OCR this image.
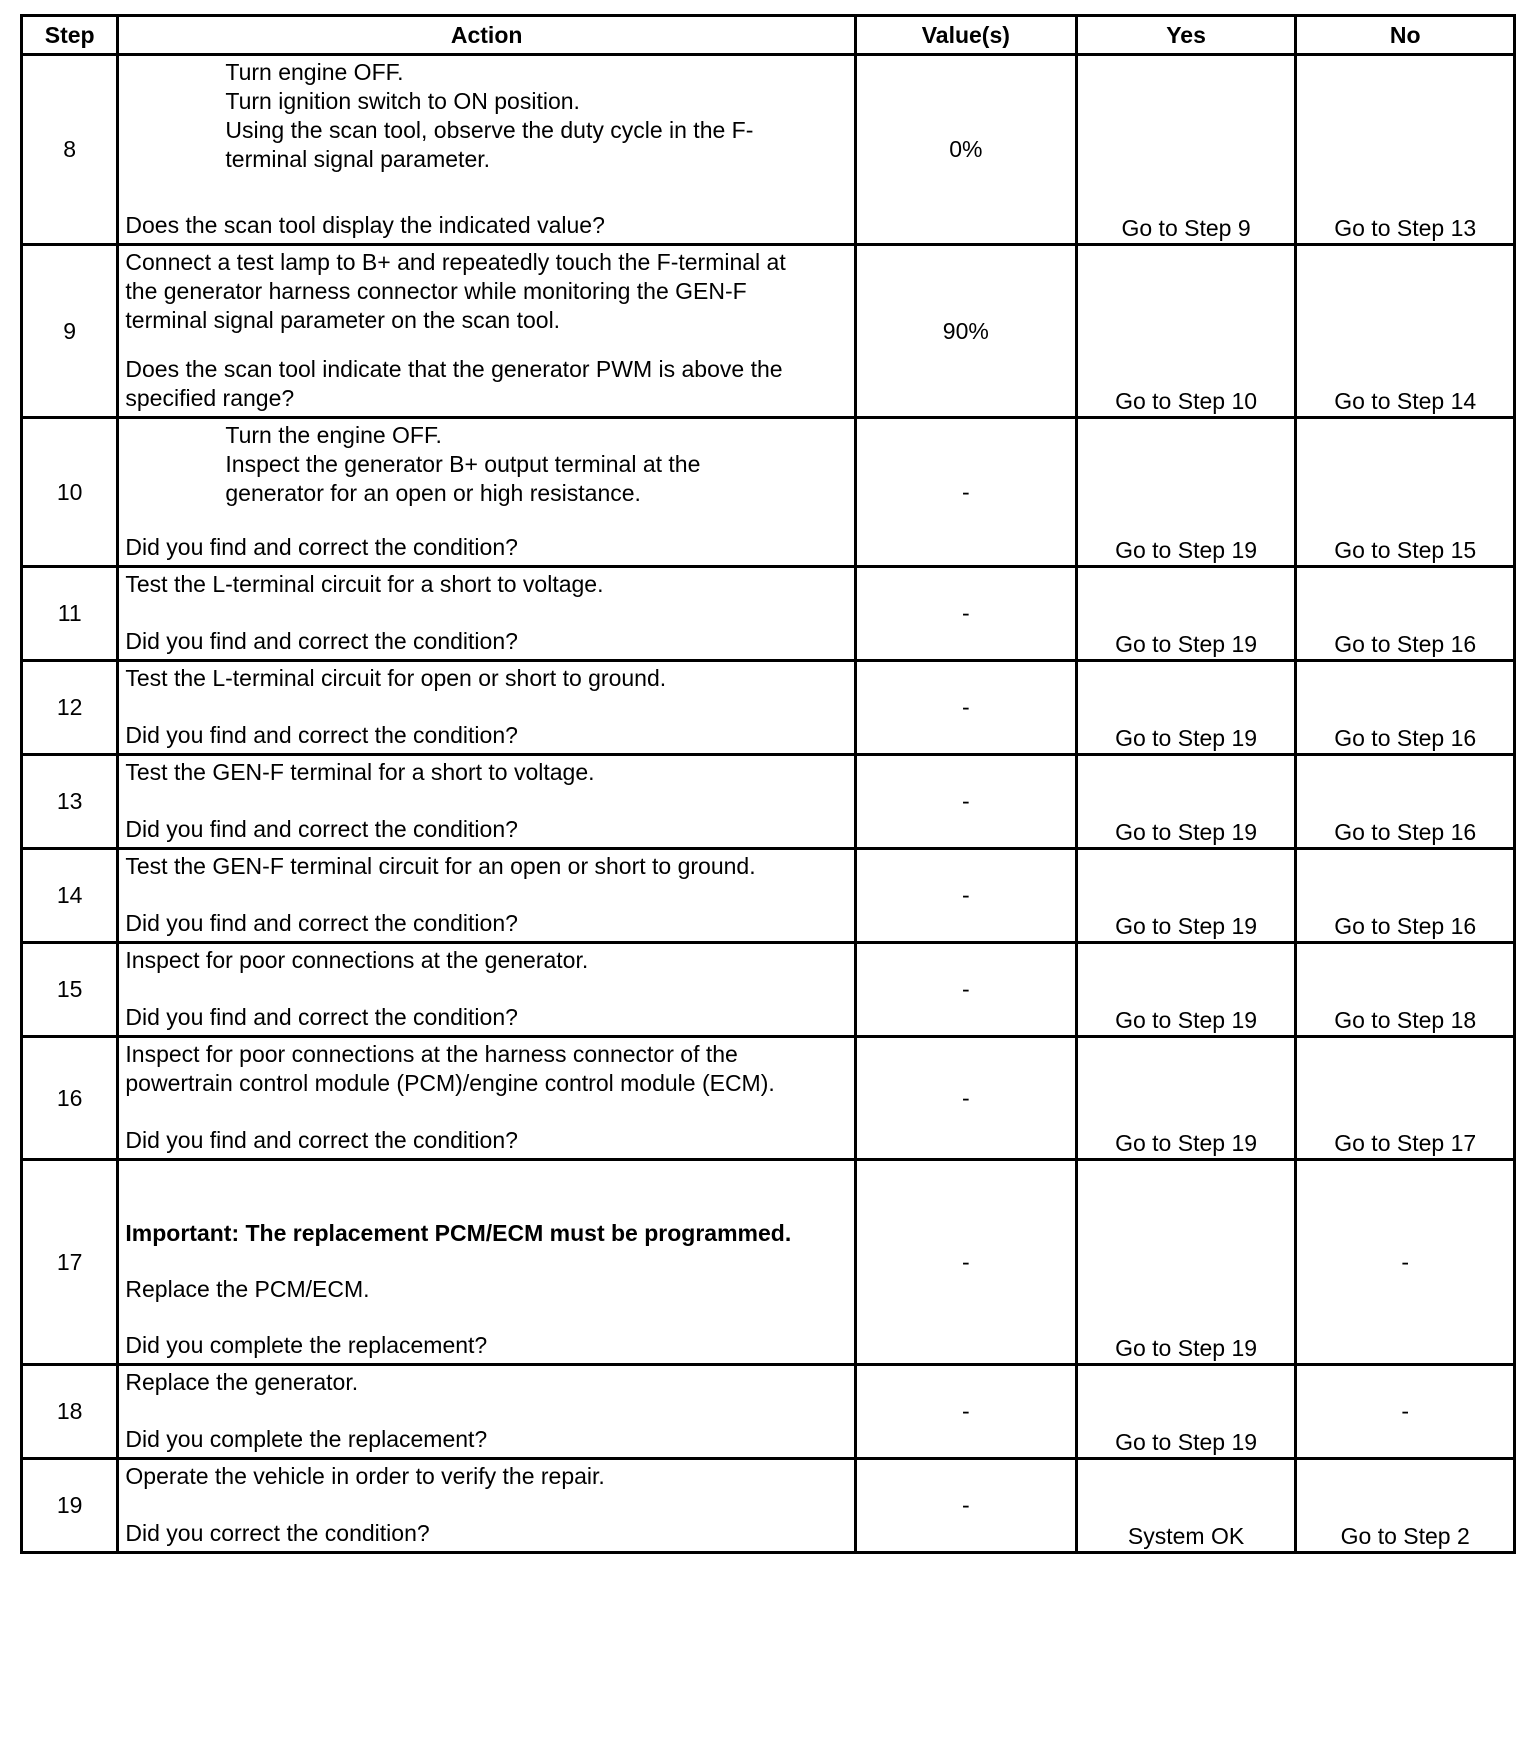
Step	Action	Value(s)	Yes	No
8	Turn engine OFF.
Turn ignition switch to ON position.
Using the scan tool, observe the duty cycle in the F-
terminal signal parameter.
Does the scan tool display the indicated value?	0%	Go to Step 9	Go to Step 13
9	Connect a test lamp to B+ and repeatedly touch the F-terminal at
the generator harness connector while monitoring the GEN-F
terminal signal parameter on the scan tool.
Does the scan tool indicate that the generator PWM is above the
specified range?	90%	Go to Step 10	Go to Step 14
10	Turn the engine OFF.
Inspect the generator B+ output terminal at the
generator for an open or high resistance.
Did you find and correct the condition?	-	Go to Step 19	Go to Step 15
11	Test the L-terminal circuit for a short to voltage.
Did you find and correct the condition?	-	Go to Step 19	Go to Step 16
12	Test the L-terminal circuit for open or short to ground.
Did you find and correct the condition?	-	Go to Step 19	Go to Step 16
13	Test the GEN-F terminal for a short to voltage.
Did you find and correct the condition?	-	Go to Step 19	Go to Step 16
14	Test the GEN-F terminal circuit for an open or short to ground.
Did you find and correct the condition?	-	Go to Step 19	Go to Step 16
15	Inspect for poor connections at the generator.
Did you find and correct the condition?	-	Go to Step 19	Go to Step 18
16	Inspect for poor connections at the harness connector of the
powertrain control module (PCM)/engine control module (ECM).
Did you find and correct the condition?	-	Go to Step 19	Go to Step 17
17	Important: The replacement PCM/ECM must be programmed.
Replace the PCM/ECM.
Did you complete the replacement?	-	Go to Step 19	-
18	Replace the generator.
Did you complete the replacement?	-	Go to Step 19	-
19	Operate the vehicle in order to verify the repair.
Did you correct the condition?	-	System OK	Go to Step 2
